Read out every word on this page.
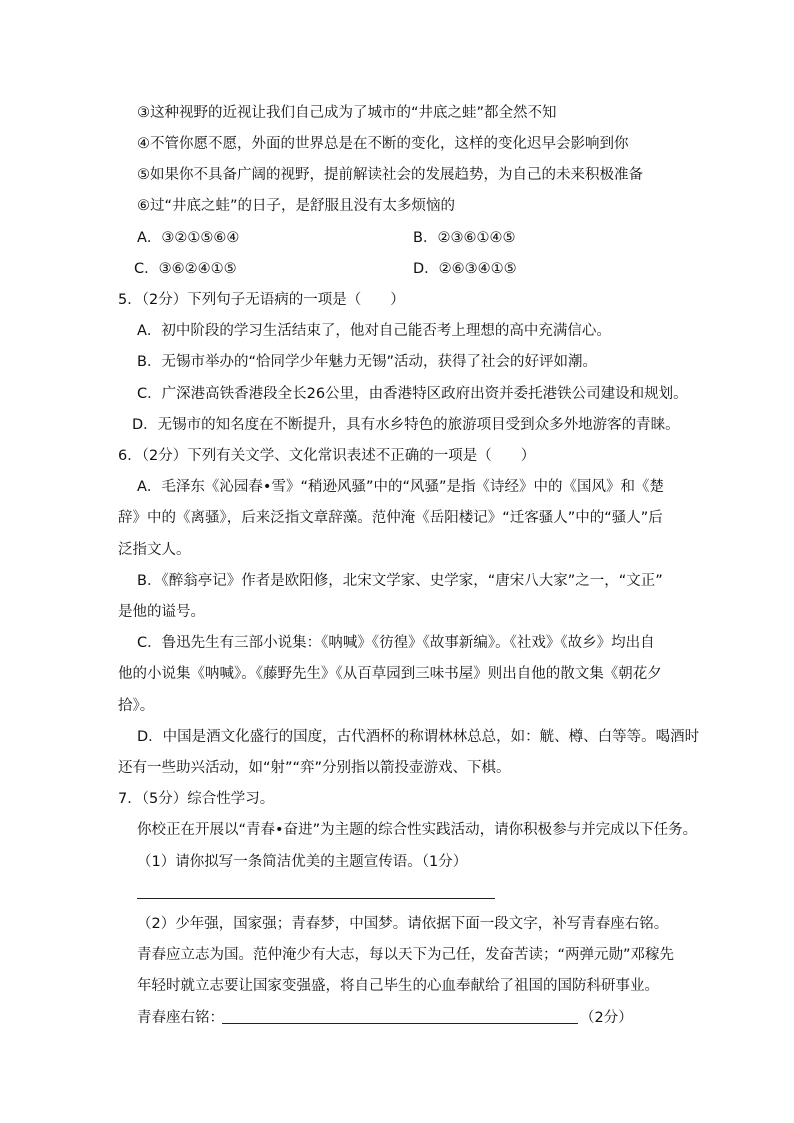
③这种视野的近视让我们自己成为了城市的“井底之蛙”都全然不知
④不管你愿不愿，外面的世界总是在不断的变化，这样的变化迟早会影响到你
⑤如果你不具备广阔的视野，提前解读社会的发展趋势，为自己的未来积极准备
⑥过“井底之蛙”的日子，是舒服且没有太多烦恼的
A．③②①⑤⑥④	B．②③⑥①④⑤
C．③⑥②④①⑤	D．②⑥③④①⑤
5．（2分）下列句子无语病的一项是（　　）
A．初中阶段的学习生活结束了，他对自己能否考上理想的高中充满信心。
B．无锡市举办的“恰同学少年魅力无锡”活动，获得了社会的好评如潮。
C．广深港高铁香港段全长26公里，由香港特区政府出资并委托港铁公司建设和规划。
D．无锡市的知名度在不断提升，具有水乡特色的旅游项目受到众多外地游客的青睐。
6．（2分）下列有关文学、文化常识表述不正确的一项是（　　）
A．毛泽东《沁园春•雪》“稍逊风骚”中的“风骚”是指《诗经》中的《国风》和《楚
辞》中的《离骚》，后来泛指文章辞藻。范仲淹《岳阳楼记》“迁客骚人”中的“骚人”后
泛指文人。
B．《醉翁亭记》作者是欧阳修，北宋文学家、史学家，“唐宋八大家”之一，“文正”
是他的谥号。
C．鲁迅先生有三部小说集：《呐喊》《彷徨》《故事新编》。《社戏》《故乡》均出自
他的小说集《呐喊》。《藤野先生》《从百草园到三味书屋》则出自他的散文集《朝花夕
拾》。
D．中国是酒文化盛行的国度，古代酒杯的称谓林林总总，如：觥、樽、白等等。喝酒时
还有一些助兴活动，如“射”“弈”分别指以箭投壶游戏、下棋。
7．（5分）综合性学习。
你校正在开展以“青春•奋进”为主题的综合性实践活动，请你积极参与并完成以下任务。
（1）请你拟写一条简洁优美的主题宣传语。（1分）
（2）少年强，国家强；青春梦，中国梦。请依据下面一段文字，补写青春座右铭。
青春应立志为国。范仲淹少有大志，每以天下为己任，发奋苦读；“两弹元勋”邓稼先
年轻时就立志要让国家变强盛，将自己毕生的心血奉献给了祖国的国防科研事业。
青春座右铭：	（2分）
